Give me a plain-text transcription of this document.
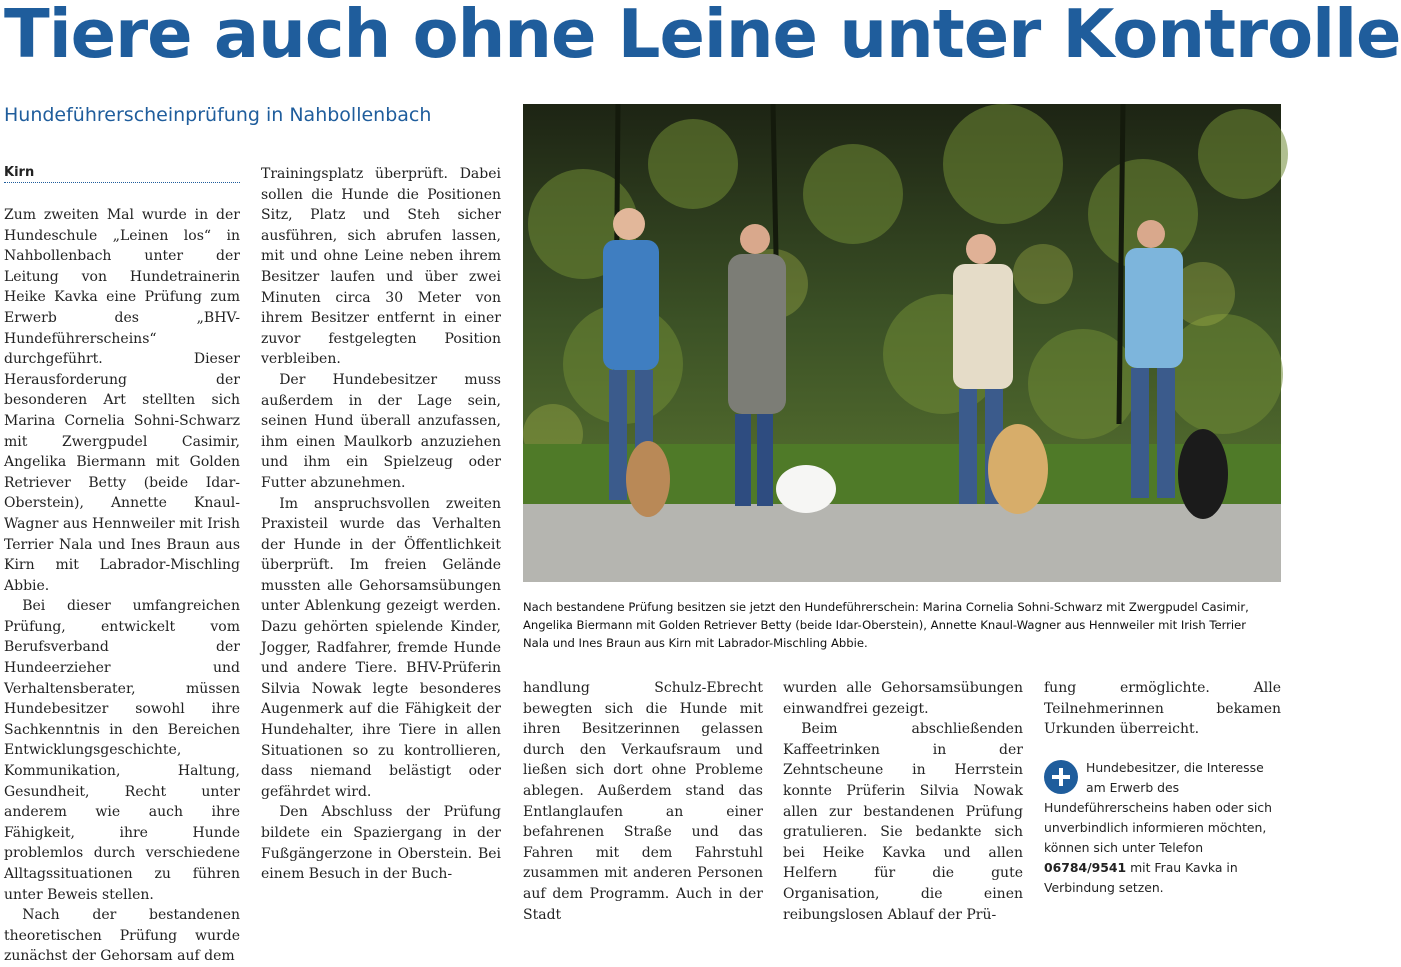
Tiere auch ohne Leine unter Kontrolle
Hundeführerscheinprüfung in Nahbollenbach
Kirn

Zum zweiten Mal wurde in der Hundeschule „Leinen los“ in Nahbollenbach unter der Leitung von Hundetrainerin Heike Kavka eine Prüfung zum Erwerb des „BHV-Hundeführerscheins“ durchgeführt. Dieser Herausforderung der besonderen Art stellten sich Marina Cornelia Sohni-Schwarz mit Zwergpudel Casimir, Angelika Biermann mit Golden Retriever Betty (beide Idar-Oberstein), Annette Knaul-Wagner aus Hennweiler mit Irish Terrier Nala und Ines Braun aus Kirn mit Labrador-Mischling Abbie.

Bei dieser umfangreichen Prüfung, entwickelt vom Berufsverband der Hundeerzieher und Verhaltensberater, müssen Hundebesitzer sowohl ihre Sachkenntnis in den Bereichen Entwicklungsgeschichte, Kommunikation, Haltung, Gesundheit, Recht unter anderem wie auch ihre Fähigkeit, ihre Hunde problemlos durch verschiedene Alltagssituationen zu führen unter Beweis stellen.

Nach der bestandenen theoretischen Prüfung wurde zunächst der Gehorsam auf dem

Trainingsplatz überprüft. Dabei sollen die Hunde die Positionen Sitz, Platz und Steh sicher ausführen, sich abrufen lassen, mit und ohne Leine neben ihrem Besitzer laufen und über zwei Minuten circa 30 Meter von ihrem Besitzer entfernt in einer zuvor festgelegten Position verbleiben.

Der Hundebesitzer muss außerdem in der Lage sein, seinen Hund überall anzufassen, ihm einen Maulkorb anzuziehen und ihm ein Spielzeug oder Futter abzunehmen.

Im anspruchsvollen zweiten Praxisteil wurde das Verhalten der Hunde in der Öffentlichkeit überprüft. Im freien Gelände mussten alle Gehorsamsübungen unter Ablenkung gezeigt werden. Dazu gehörten spielende Kinder, Jogger, Radfahrer, fremde Hunde und andere Tiere. BHV-Prüferin Silvia Nowak legte besonderes Augenmerk auf die Fähigkeit der Hundehalter, ihre Tiere in allen Situationen so zu kontrollieren, dass niemand belästigt oder gefährdet wird.

Den Abschluss der Prüfung bildete ein Spaziergang in der Fußgängerzone in Oberstein. Bei einem Besuch in der Buch-

Nach bestandene Prüfung besitzen sie jetzt den Hundeführerschein: Marina Cornelia Sohni-Schwarz mit Zwergpudel Casimir, Angelika Biermann mit Golden Retriever Betty (beide Idar-Oberstein), Annette Knaul-Wagner aus Hennweiler mit Irish Terrier Nala und Ines Braun aus Kirn mit Labrador-Mischling Abbie.

handlung Schulz-Ebrecht bewegten sich die Hunde mit ihren Besitzerinnen gelassen durch den Verkaufsraum und ließen sich dort ohne Probleme ablegen. Außerdem stand das Entlanglaufen an einer befahrenen Straße und das Fahren mit dem Fahrstuhl zusammen mit anderen Personen auf dem Programm. Auch in der Stadt

wurden alle Gehorsamsübungen einwandfrei gezeigt.

Beim abschließenden Kaffeetrinken in der Zehntscheune in Herrstein konnte Prüferin Silvia Nowak allen zur bestandenen Prüfung gratulieren. Sie bedankte sich bei Heike Kavka und allen Helfern für die gute Organisation, die einen reibungslosen Ablauf der Prü-

fung ermöglichte. Alle Teilnehmerinnen bekamen Urkunden überreicht.

Hundebesitzer, die Interesse am Erwerb des Hundeführerscheins haben oder sich unverbindlich informieren möchten, können sich unter Telefon 06784/9541 mit Frau Kavka in Verbindung setzen.
